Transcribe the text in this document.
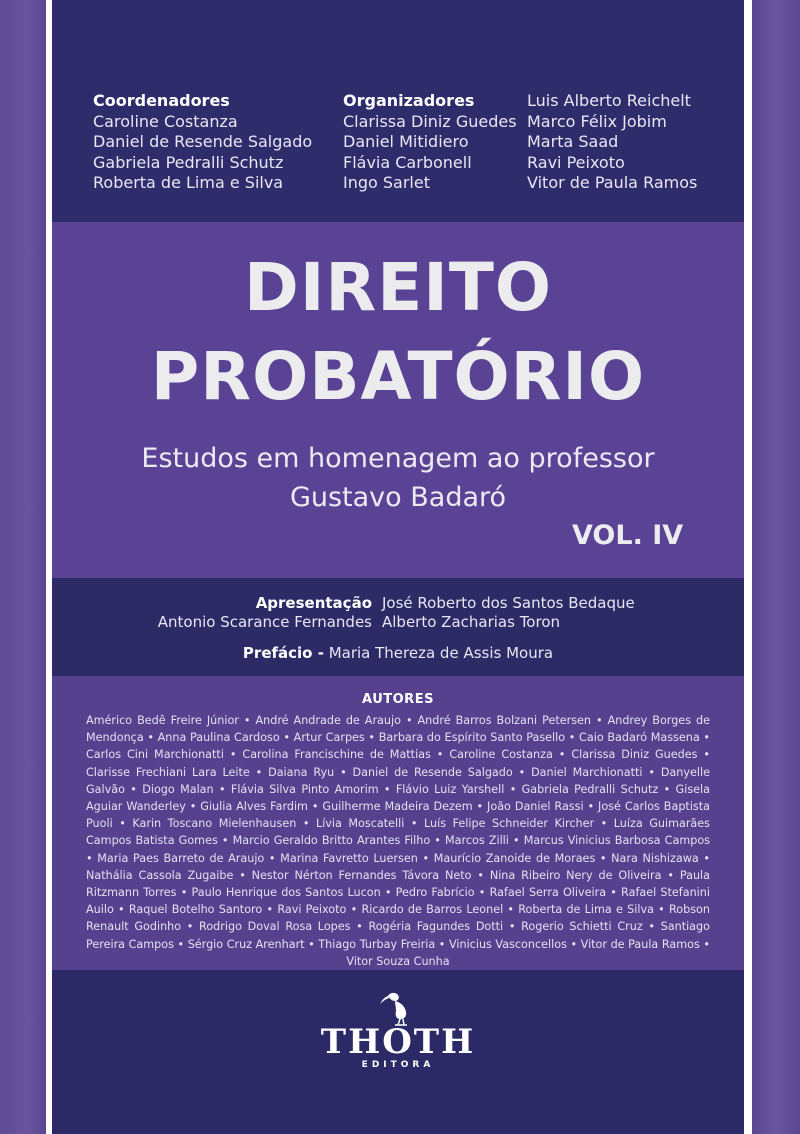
Coordenadores
Caroline Costanza
Daniel de Resende Salgado
Gabriela Pedralli Schutz
Roberta de Lima e Silva
Organizadores
Clarissa Diniz Guedes
Daniel Mitidiero
Flávia Carbonell
Ingo Sarlet
Luis Alberto Reichelt
Marco Félix Jobim
Marta Saad
Ravi Peixoto
Vitor de Paula Ramos
DIREITO
PROBATÓRIO
Estudos em homenagem ao professor
Gustavo Badaró
VOL. IV
Apresentação José Roberto dos Santos Bedaque
Antonio Scarance Fernandes Alberto Zacharias Toron
Prefácio - Maria Thereza de Assis Moura
AUTORES
Américo Bedê Freire Júnior • André Andrade de Araujo • André Barros Bolzani Petersen • Andrey Borges de Mendonça • Anna Paulina Cardoso • Artur Carpes • Barbara do Espírito Santo Pasello • Caio Badaró Massena • Carlos Cini Marchionatti • Carolina Francischine de Mattias • Caroline Costanza • Clarissa Diniz Guedes • Clarisse Frechiani Lara Leite • Daiana Ryu • Daniel de Resende Salgado • Daniel Marchionatti • Danyelle Galvão • Diogo Malan • Flávia Silva Pinto Amorim • Flávio Luiz Yarshell • Gabriela Pedralli Schutz • Gisela Aguiar Wanderley • Giulia Alves Fardim • Guilherme Madeira Dezem • João Daniel Rassi • José Carlos Baptista Puoli • Karin Toscano Mielenhausen • Lívia Moscatelli • Luís Felipe Schneider Kircher • Luíza Guimarães Campos Batista Gomes • Marcio Geraldo Britto Arantes Filho • Marcos Zilli • Marcus Vinicius Barbosa Campos • Maria Paes Barreto de Araujo • Marina Favretto Luersen • Maurício Zanoide de Moraes • Nara Nishizawa • Nathália Cassola Zugaibe • Nestor Nérton Fernandes Távora Neto • Nina Ribeiro Nery de Oliveira • Paula Ritzmann Torres • Paulo Henrique dos Santos Lucon • Pedro Fabrício • Rafael Serra Oliveira • Rafael Stefanini Auilo • Raquel Botelho Santoro • Ravi Peixoto • Ricardo de Barros Leonel • Roberta de Lima e Silva • Robson Renault Godinho • Rodrigo Doval Rosa Lopes • Rogéria Fagundes Dotti • Rogerio Schietti Cruz • Santiago Pereira Campos • Sérgio Cruz Arenhart • Thiago Turbay Freiria • Vinicius Vasconcellos • Vitor de Paula Ramos • Vitor Souza Cunha
THOTH
EDITORA
